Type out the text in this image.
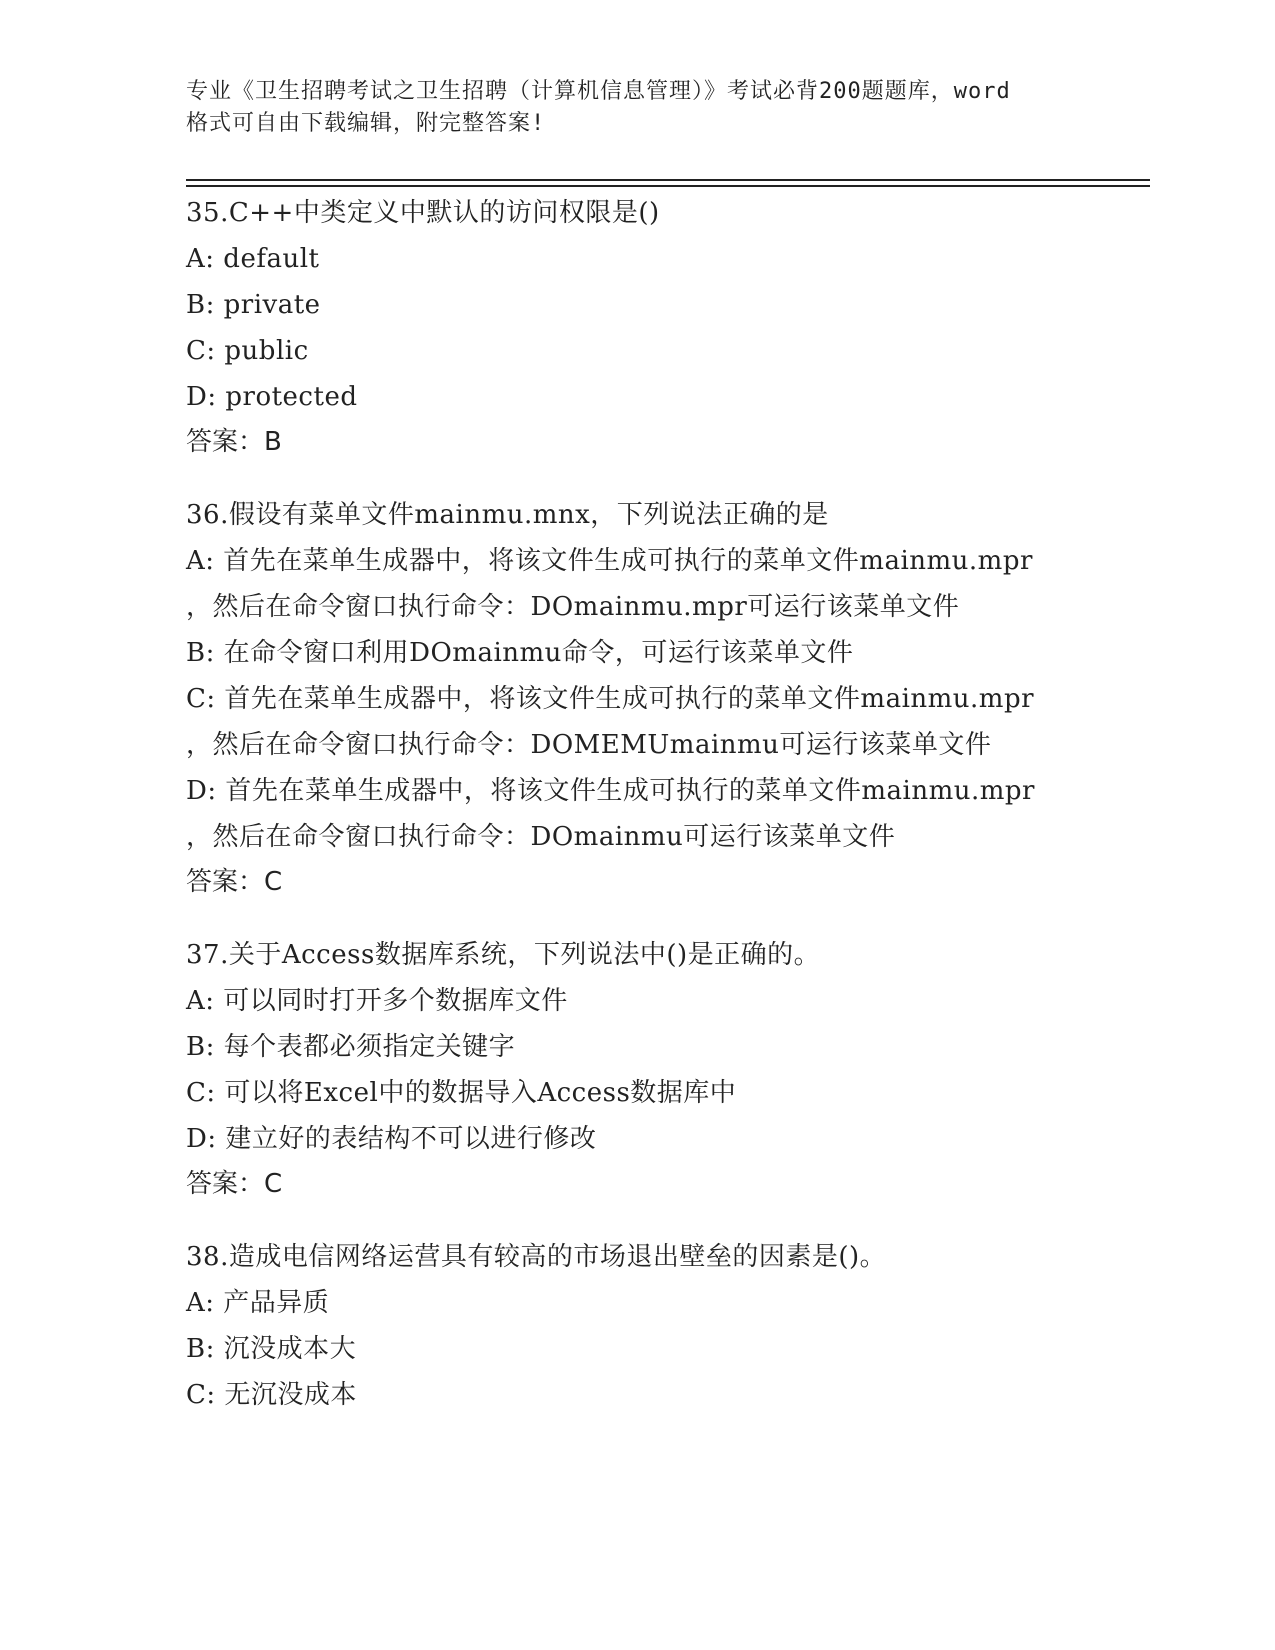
专业《卫生招聘考试之卫生招聘（计算机信息管理）》考试必背200题题库，word
格式可自由下载编辑，附完整答案!
35.C++中类定义中默认的访问权限是()
A: default
B: private
C: public
D: protected
答案：B
36.假设有菜单文件mainmu.mnx，下列说法正确的是
A: 首先在菜单生成器中，将该文件生成可执行的菜单文件mainmu.mpr
，然后在命令窗口执行命令：DOmainmu.mpr可运行该菜单文件
B: 在命令窗口利用DOmainmu命令，可运行该菜单文件
C: 首先在菜单生成器中，将该文件生成可执行的菜单文件mainmu.mpr
，然后在命令窗口执行命令：DOMEMUmainmu可运行该菜单文件
D: 首先在菜单生成器中，将该文件生成可执行的菜单文件mainmu.mpr
，然后在命令窗口执行命令：DOmainmu可运行该菜单文件
答案：C
37.关于Access数据库系统，下列说法中()是正确的。
A: 可以同时打开多个数据库文件
B: 每个表都必须指定关键字
C: 可以将Excel中的数据导入Access数据库中
D: 建立好的表结构不可以进行修改
答案：C
38.造成电信网络运营具有较高的市场退出壁垒的因素是()。
A: 产品异质
B: 沉没成本大
C: 无沉没成本
